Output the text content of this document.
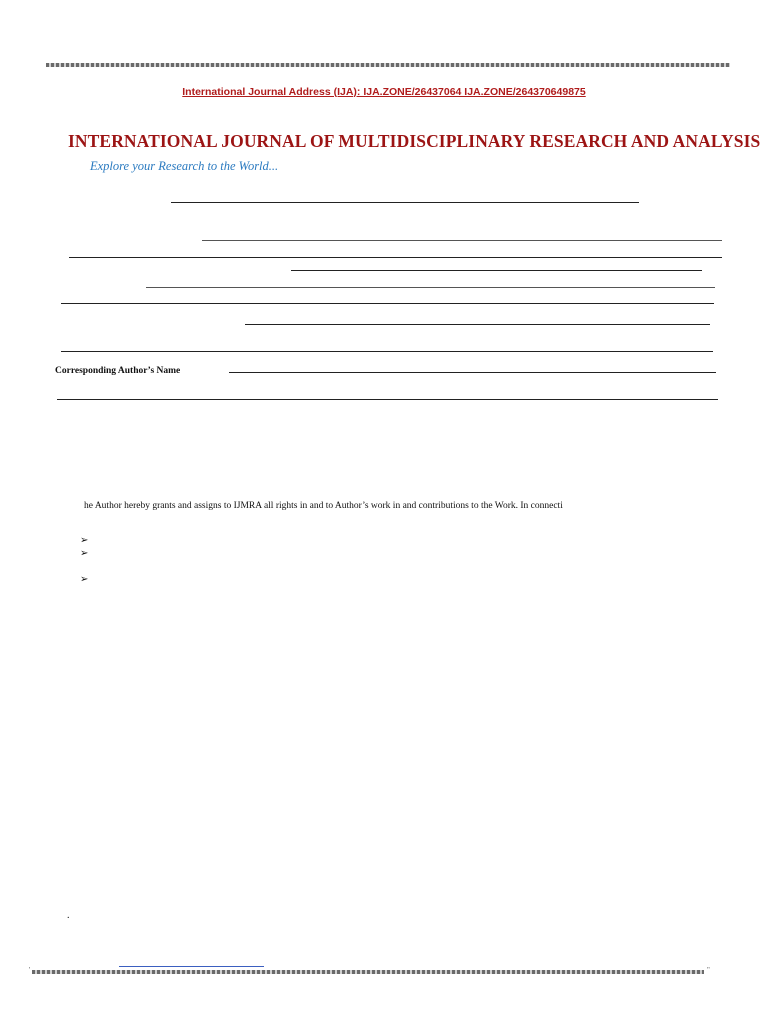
International Journal Address (IJA): IJA.ZONE/26437064 IJA.ZONE/264370649875
INTERNATIONAL JOURNAL OF MULTIDISCIPLINARY RESEARCH AND ANALYSIS
Explore your Research to the World...
Corresponding Author’s Name
he Author hereby grants and assigns to IJMRA all rights in and to Author’s work in and contributions to the Work. In connecti
➢
➢
➢
.
'	"
